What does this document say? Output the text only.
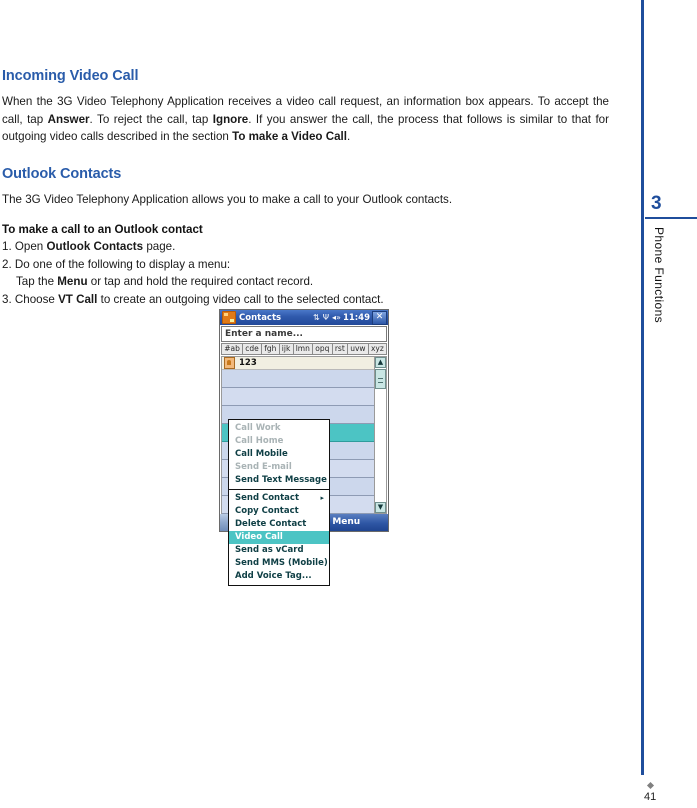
3
Phone Functions
41
Incoming Video Call

When the 3G Video Telephony Application receives a video call request, an information box appears. To accept the call, tap Answer. To reject the call, tap Ignore. If you answer the call, the process that follows is similar to that for outgoing video calls described in the section To make a Video Call.

Outlook Contacts

The 3G Video Telephony Application allows you to make a call to your Outlook contacts.

To make a call to an Outlook contact
1. Open Outlook Contacts page.
2. Do one of the following to display a menu:
Tap the Menu or tap and hold the required contact record.
3. Choose VT Call to create an outgoing video call to the selected contact.
Contacts	⇅ Ψ ◂» 11:49 ✕
Enter a name...
#ab cde fgh ijk lmn opq rst uvw xyz
123	▲
▼
Call Work
Call Home
Call Mobile
Send E-mail
Send Text Message
Send Contact	▸
Copy Contact
Delete Contact
Video Call
Send as vCard
Send MMS (Mobile)
Add Voice Tag...
Menu
